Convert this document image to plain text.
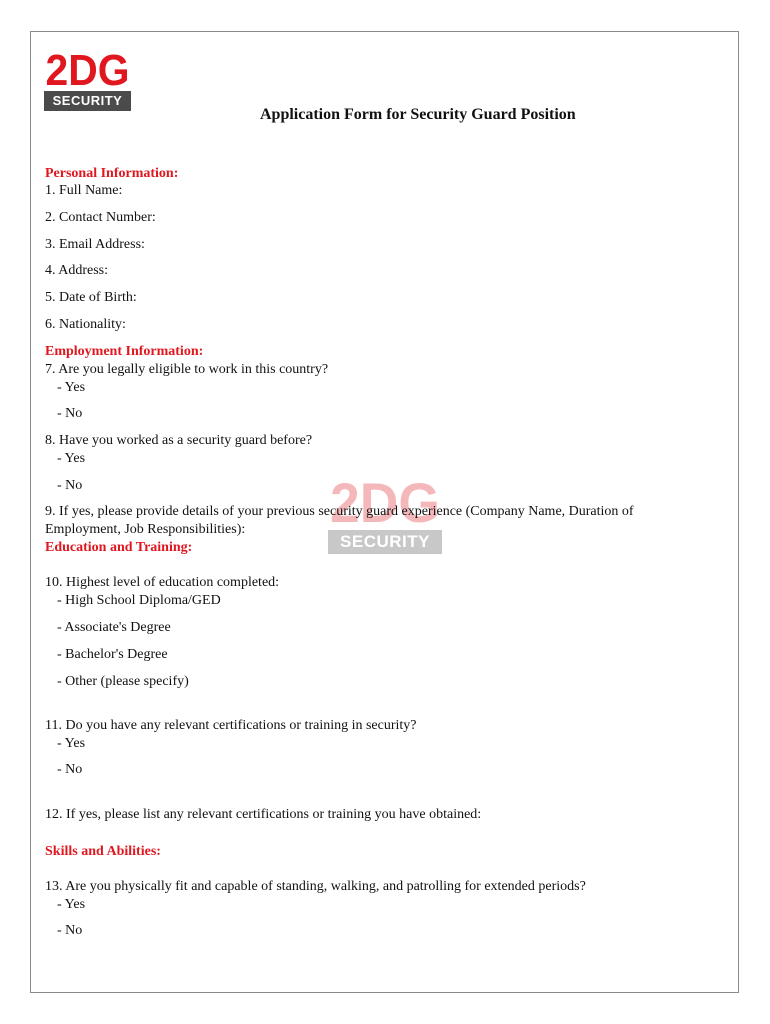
2DG
SECURITY
2DG
SECURITY
Application Form for Security Guard Position
Personal Information:
1. Full Name:
2. Contact Number:
3. Email Address:
4. Address:
5. Date of Birth:
6. Nationality:
Employment Information:
7. Are you legally eligible to work in this country?
- Yes
- No
8. Have you worked as a security guard before?
- Yes
- No
9. If yes, please provide details of your previous security guard experience (Company Name, Duration of
Employment, Job Responsibilities):
Education and Training:
10. Highest level of education completed:
- High School Diploma/GED
- Associate's Degree
- Bachelor's Degree
- Other (please specify)
11. Do you have any relevant certifications or training in security?
- Yes
- No
12. If yes, please list any relevant certifications or training you have obtained:
Skills and Abilities:
13. Are you physically fit and capable of standing, walking, and patrolling for extended periods?
- Yes
- No
